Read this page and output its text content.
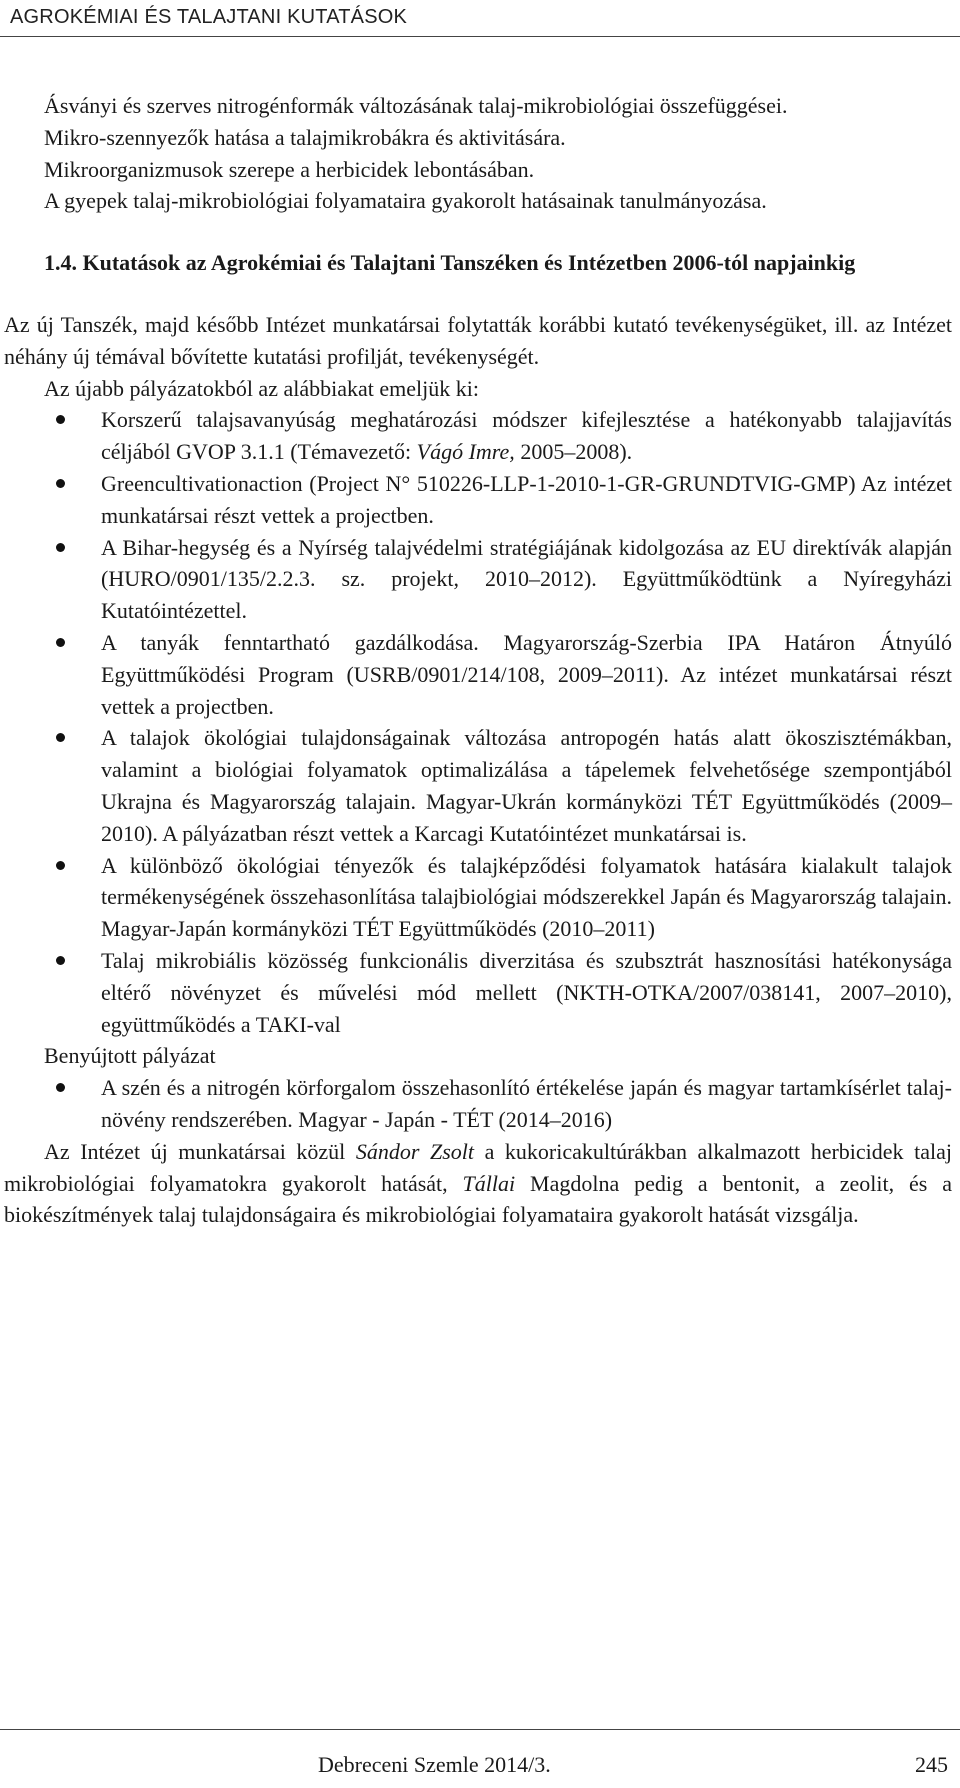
AGROKÉMIAI ÉS TALAJTANI KUTATÁSOK

Ásványi és szerves nitrogénformák változásának talaj-mikrobiológiai összefüggései.

Mikro-szennyezők hatása a talajmikrobákra és aktivitására.

Mikroorganizmusok szerepe a herbicidek lebontásában.

A gyepek talaj-mikrobiológiai folyamataira gyakorolt hatásainak tanulmányozása.

1.4. Kutatások az Agrokémiai és Talajtani Tanszéken és Intézetben 2006-tól napjainkig

Az új Tanszék, majd később Intézet munkatársai folytatták korábbi kutató tevékenységüket, ill. az Intézet néhány új témával bővítette kutatási profilját, tevékenységét.

Az újabb pályázatokból az alábbiakat emeljük ki:

Korszerű talajsavanyúság meghatározási módszer kifejlesztése a hatékonyabb talajjavítás céljából GVOP 3.1.1 (Témavezető: Vágó Imre, 2005–2008).
Greencultivationaction (Project N° 510226-LLP-1-2010-1-GR-GRUNDTVIG-GMP) Az intézet munkatársai részt vettek a projectben.
A Bihar-hegység és a Nyírség talajvédelmi stratégiájának kidolgozása az EU direktívák alapján (HURO/0901/135/2.2.3. sz. projekt, 2010–2012). Együttműködtünk a Nyíregyházi Kutatóintézettel.
A tanyák fenntartható gazdálkodása. Magyarország-Szerbia IPA Határon Átnyúló Együttműködési Program (USRB/0901/214/108, 2009–2011). Az intézet munkatársai részt vettek a projectben.
A talajok ökológiai tulajdonságainak változása antropogén hatás alatt ökoszisztémákban, valamint a biológiai folyamatok optimalizálása a tápelemek felvehetősége szempontjából Ukrajna és Magyarország talajain. Magyar-Ukrán kormányközi TÉT Együttműködés (2009–2010). A pályázatban részt vettek a Karcagi Kutatóintézet munkatársai is.
A különböző ökológiai tényezők és talajképződési folyamatok hatására kialakult talajok termékenységének összehasonlítása talajbiológiai módszerekkel Japán és Magyarország talajain. Magyar-Japán kormányközi TÉT Együttműködés (2010–2011)
Talaj mikrobiális közösség funkcionális diverzitása és szubsztrát hasznosítási hatékonysága eltérő növényzet és művelési mód mellett (NKTH-OTKA/2007/038141, 2007–2010), együttműködés a TAKI-val

Benyújtott pályázat

A szén és a nitrogén körforgalom összehasonlító értékelése japán és magyar tartamkísérlet talaj-növény rendszerében. Magyar - Japán - TÉT (2014–2016)

Az Intézet új munkatársai közül Sándor Zsolt a kukoricakultúrákban alkalmazott herbicidek talaj mikrobiológiai folyamatokra gyakorolt hatását, Tállai Magdolna pedig a bentonit, a zeolit, és a biokészítmények talaj tulajdonságaira és mikrobiológiai folyamataira gyakorolt hatását vizsgálja.

Debreceni Szemle 2014/3.	245
